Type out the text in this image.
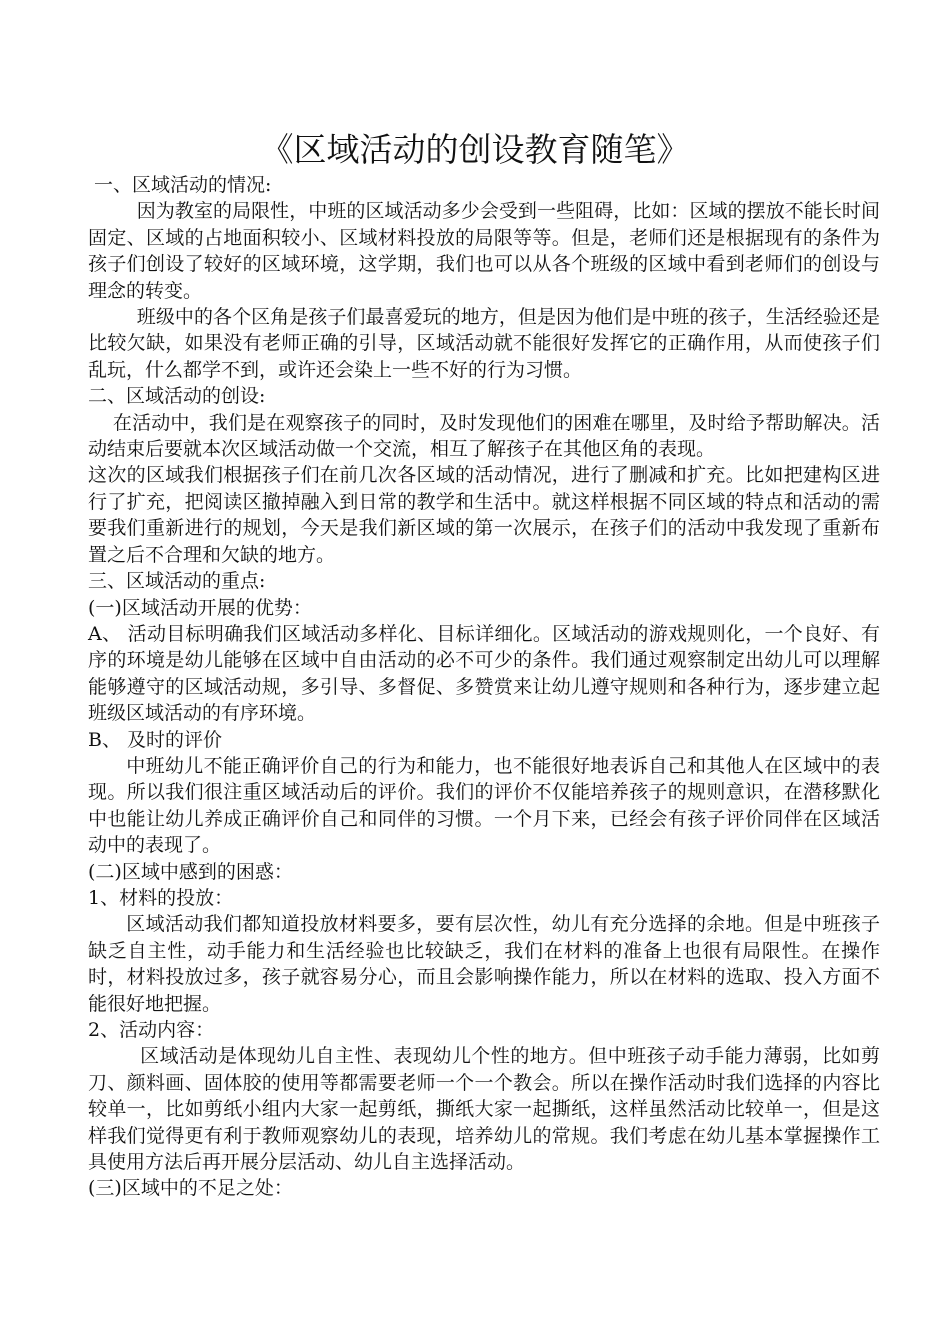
《区域活动的创设教育随笔》

一、区域活动的情况:

因为教室的局限性，中班的区域活动多少会受到一些阻碍，比如：区域的摆放不能长时间固定、区域的占地面积较小、区域材料投放的局限等等。但是，老师们还是根据现有的条件为孩子们创设了较好的区域环境，这学期，我们也可以从各个班级的区域中看到老师们的创设与理念的转变。

班级中的各个区角是孩子们最喜爱玩的地方，但是因为他们是中班的孩子，生活经验还是比较欠缺，如果没有老师正确的引导，区域活动就不能很好发挥它的正确作用，从而使孩子们乱玩，什么都学不到，或许还会染上一些不好的行为习惯。

二、区域活动的创设:

在活动中，我们是在观察孩子的同时，及时发现他们的困难在哪里，及时给予帮助解决。活动结束后要就本次区域活动做一个交流，相互了解孩子在其他区角的表现。

这次的区域我们根据孩子们在前几次各区域的活动情况，进行了删减和扩充。比如把建构区进行了扩充，把阅读区撤掉融入到日常的教学和生活中。就这样根据不同区域的特点和活动的需要我们重新进行的规划，今天是我们新区域的第一次展示，在孩子们的活动中我发现了重新布置之后不合理和欠缺的地方。

三、区域活动的重点:

(一)区域活动开展的优势：

A、 活动目标明确我们区域活动多样化、目标详细化。区域活动的游戏规则化，一个良好、有序的环境是幼儿能够在区域中自由活动的必不可少的条件。我们通过观察制定出幼儿可以理解能够遵守的区域活动规，多引导、多督促、多赞赏来让幼儿遵守规则和各种行为，逐步建立起班级区域活动的有序环境。

B、 及时的评价

中班幼儿不能正确评价自己的行为和能力，也不能很好地表诉自己和其他人在区域中的表现。所以我们很注重区域活动后的评价。我们的评价不仅能培养孩子的规则意识，在潜移默化中也能让幼儿养成正确评价自己和同伴的习惯。一个月下来，已经会有孩子评价同伴在区域活动中的表现了。

(二)区域中感到的困惑：

1、材料的投放：

区域活动我们都知道投放材料要多，要有层次性，幼儿有充分选择的余地。但是中班孩子缺乏自主性，动手能力和生活经验也比较缺乏，我们在材料的准备上也很有局限性。在操作时，材料投放过多，孩子就容易分心，而且会影响操作能力，所以在材料的选取、投入方面不能很好地把握。

2、活动内容：

区域活动是体现幼儿自主性、表现幼儿个性的地方。但中班孩子动手能力薄弱，比如剪刀、颜料画、固体胶的使用等都需要老师一个一个教会。所以在操作活动时我们选择的内容比较单一，比如剪纸小组内大家一起剪纸，撕纸大家一起撕纸，这样虽然活动比较单一，但是这样我们觉得更有利于教师观察幼儿的表现，培养幼儿的常规。我们考虑在幼儿基本掌握操作工具使用方法后再开展分层活动、幼儿自主选择活动。

(三)区域中的不足之处：
